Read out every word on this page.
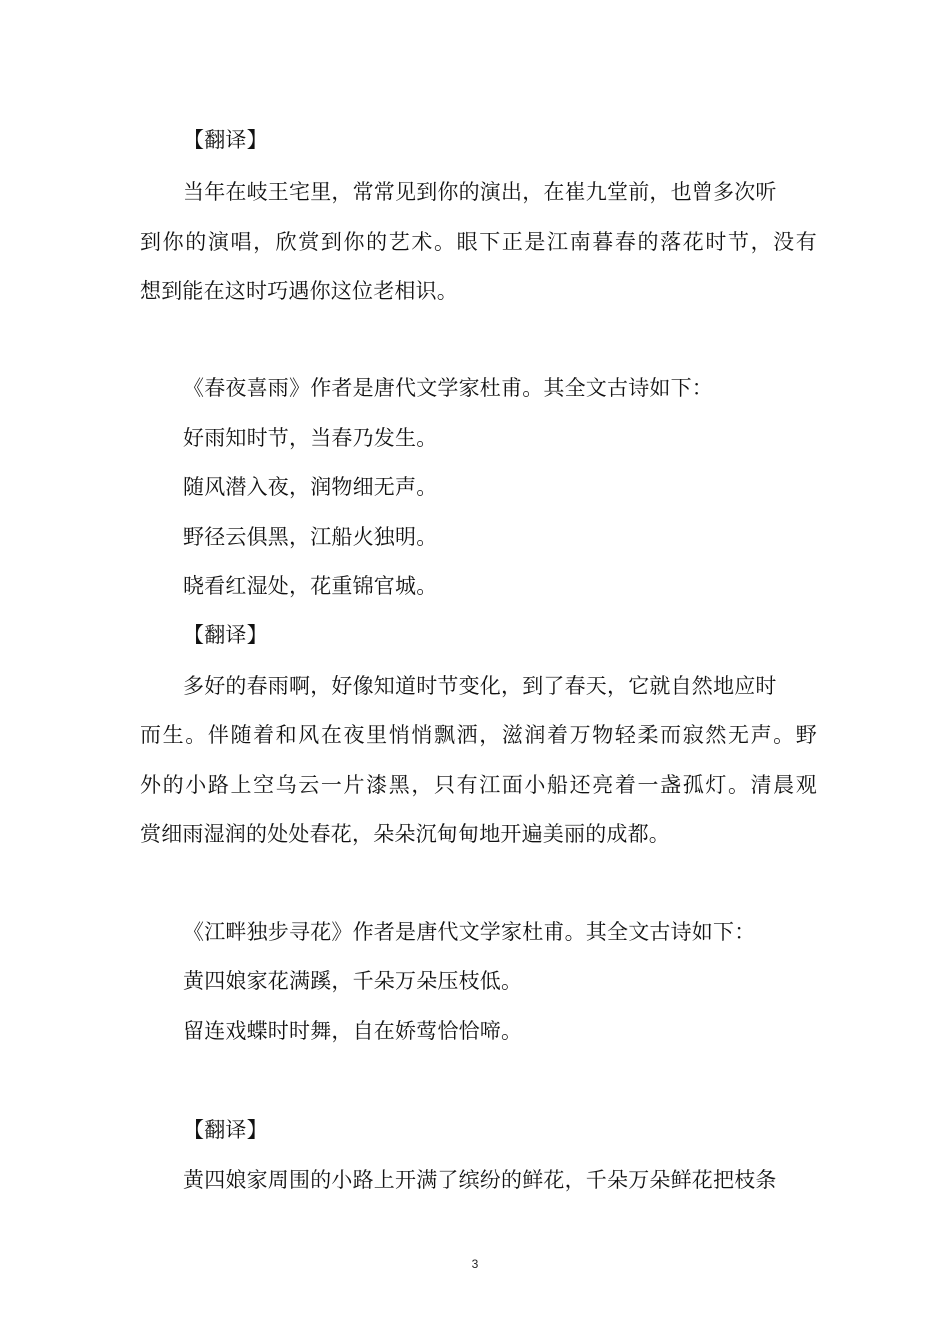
【翻译】
当年在岐王宅里，常常见到你的演出，在崔九堂前，也曾多次听
到你的演唱，欣赏到你的艺术。眼下正是江南暮春的落花时节，没有
想到能在这时巧遇你这位老相识。
《春夜喜雨》作者是唐代文学家杜甫。其全文古诗如下：
好雨知时节，当春乃发生。
随风潜入夜，润物细无声。
野径云俱黑，江船火独明。
晓看红湿处，花重锦官城。
【翻译】
多好的春雨啊，好像知道时节变化，到了春天，它就自然地应时
而生。伴随着和风在夜里悄悄飘洒，滋润着万物轻柔而寂然无声。野
外的小路上空乌云一片漆黑，只有江面小船还亮着一盏孤灯。清晨观
赏细雨湿润的处处春花，朵朵沉甸甸地开遍美丽的成都。
《江畔独步寻花》作者是唐代文学家杜甫。其全文古诗如下：
黄四娘家花满蹊，千朵万朵压枝低。
留连戏蝶时时舞，自在娇莺恰恰啼。
【翻译】
黄四娘家周围的小路上开满了缤纷的鲜花，千朵万朵鲜花把枝条
3
